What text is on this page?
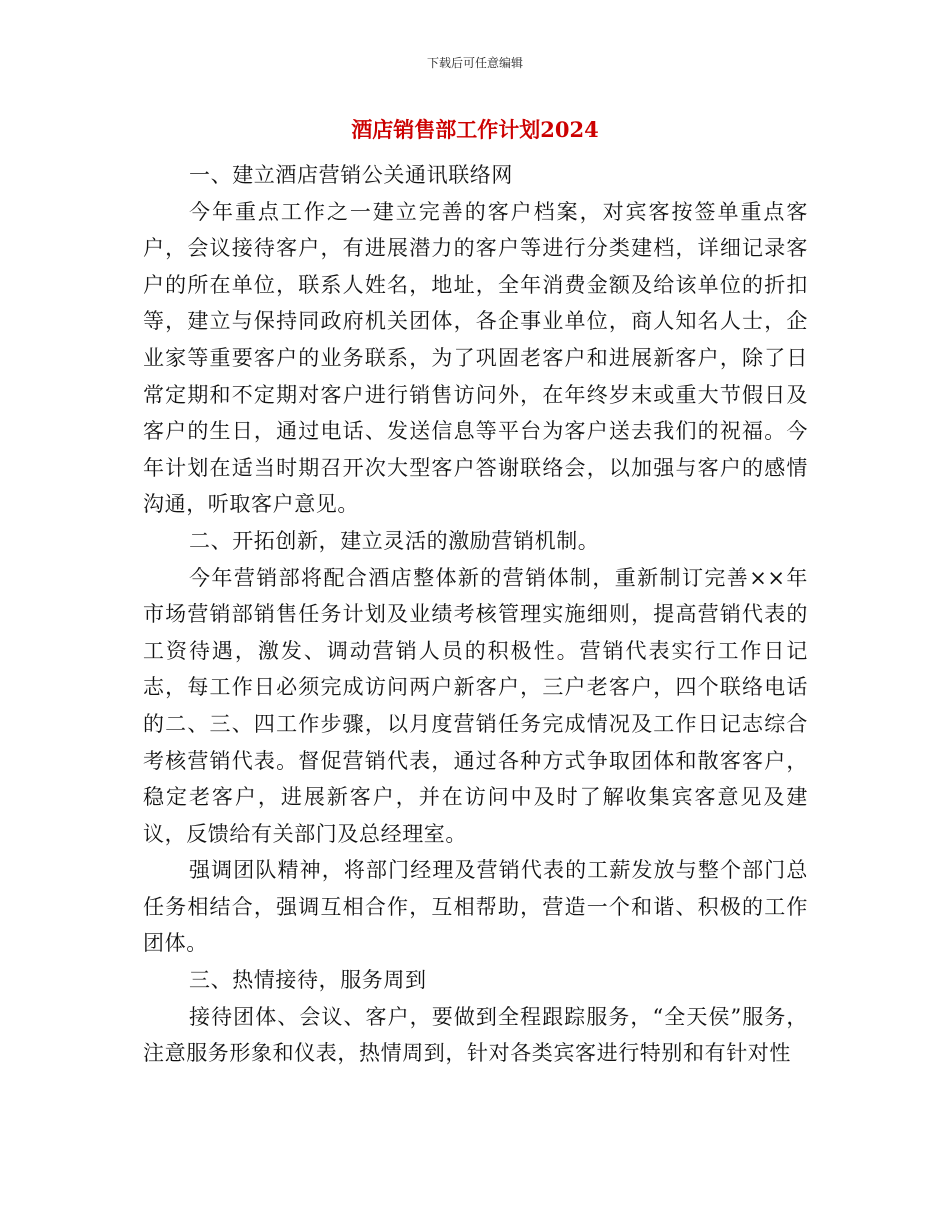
下载后可任意编辑
酒店销售部工作计划2024

一、建立酒店营销公关通讯联络网

今年重点工作之一建立完善的客户档案，对宾客按签单重点客户，会议接待客户，有进展潜力的客户等进行分类建档，详细记录客户的所在单位，联系人姓名，地址，全年消费金额及给该单位的折扣等，建立与保持同政府机关团体，各企事业单位，商人知名人士，企业家等重要客户的业务联系，为了巩固老客户和进展新客户，除了日常定期和不定期对客户进行销售访问外，在年终岁末或重大节假日及客户的生日，通过电话、发送信息等平台为客户送去我们的祝福。今年计划在适当时期召开次大型客户答谢联络会，以加强与客户的感情沟通，听取客户意见。

二、开拓创新，建立灵活的激励营销机制。

今年营销部将配合酒店整体新的营销体制，重新制订完善××年市场营销部销售任务计划及业绩考核管理实施细则，提高营销代表的工资待遇，激发、调动营销人员的积极性。营销代表实行工作日记志，每工作日必须完成访问两户新客户，三户老客户，四个联络电话的二、三、四工作步骤，以月度营销任务完成情况及工作日记志综合考核营销代表。督促营销代表，通过各种方式争取团体和散客客户，稳定老客户，进展新客户，并在访问中及时了解收集宾客意见及建议，反馈给有关部门及总经理室。

强调团队精神，将部门经理及营销代表的工薪发放与整个部门总任务相结合，强调互相合作，互相帮助，营造一个和谐、积极的工作团体。

三、热情接待，服务周到

接待团体、会议、客户，要做到全程跟踪服务，“全天侯”服务，注意服务形象和仪表，热情周到，针对各类宾客进行特别和有针对性
